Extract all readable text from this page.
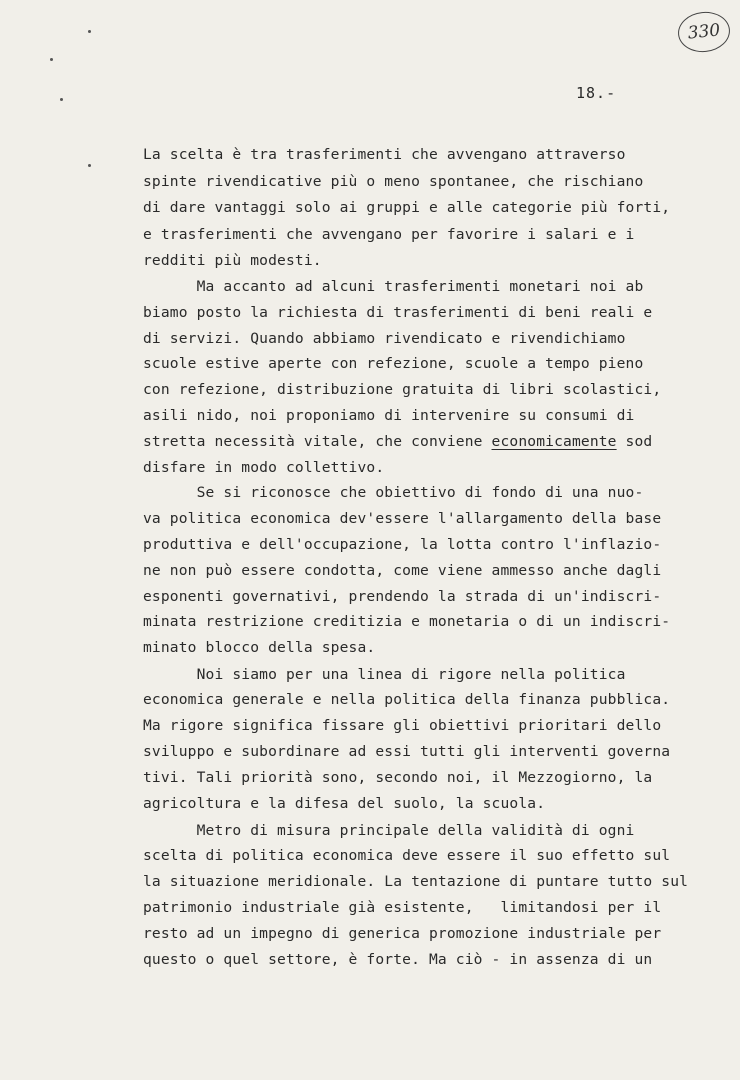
330
18.-
La scelta è tra trasferimenti che avvengano attraverso
spinte rivendicative più o meno spontanee, che rischiano
di dare vantaggi solo ai gruppi e alle categorie più forti,
e trasferimenti che avvengano per favorire i salari e i
redditi più modesti.
Ma accanto ad alcuni trasferimenti monetari noi ab
biamo posto la richiesta di trasferimenti di beni reali e
di servizi. Quando abbiamo rivendicato e rivendichiamo
scuole estive aperte con refezione, scuole a tempo pieno
con refezione, distribuzione gratuita di libri scolastici,
asili nido, noi proponiamo di intervenire su consumi di
stretta necessità vitale, che conviene economicamente sod
disfare in modo collettivo.
Se si riconosce che obiettivo di fondo di una nuo-
va politica economica dev'essere l'allargamento della base
produttiva e dell'occupazione, la lotta contro l'inflazio-
ne non può essere condotta, come viene ammesso anche dagli
esponenti governativi, prendendo la strada di un'indiscri-
minata restrizione creditizia e monetaria o di un indiscri-
minato blocco della spesa.
Noi siamo per una linea di rigore nella politica
economica generale e nella politica della finanza pubblica.
Ma rigore significa fissare gli obiettivi prioritari dello
sviluppo e subordinare ad essi tutti gli interventi governa
tivi. Tali priorità sono, secondo noi, il Mezzogiorno, la
agricoltura e la difesa del suolo, la scuola.
Metro di misura principale della validità di ogni
scelta di politica economica deve essere il suo effetto sul
la situazione meridionale. La tentazione di puntare tutto sul
patrimonio industriale già esistente,   limitandosi per il
resto ad un impegno di generica promozione industriale per
questo o quel settore, è forte. Ma ciò - in assenza di un
